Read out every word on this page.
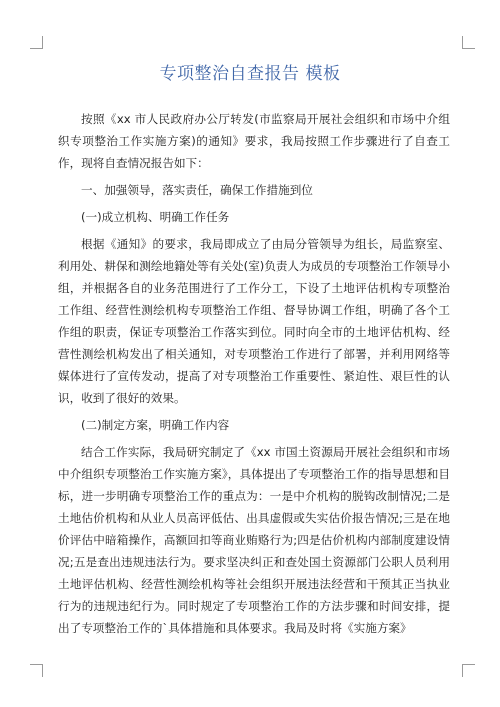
专项整治自查报告 模板

按照《xx 市人民政府办公厅转发(市监察局开展社会组织和市场中介组织专项整治工作实施方案)的通知》要求，我局按照工作步骤进行了自查工作，现将自查情况报告如下：

一、加强领导，落实责任，确保工作措施到位

(一)成立机构、明确工作任务

根据《通知》的要求，我局即成立了由局分管领导为组长，局监察室、利用处、耕保和测绘地籍处等有关处(室)负责人为成员的专项整治工作领导小组，并根据各自的业务范围进行了工作分工，下设了土地评估机构专项整治工作组、经营性测绘机构专项整治工作组、督导协调工作组，明确了各个工作组的职责，保证专项整治工作落实到位。同时向全市的土地评估机构、经营性测绘机构发出了相关通知，对专项整治工作进行了部署，并利用网络等媒体进行了宣传发动，提高了对专项整治工作重要性、紧迫性、艰巨性的认识，收到了很好的效果。

(二)制定方案，明确工作内容

结合工作实际，我局研究制定了《xx 市国土资源局开展社会组织和市场中介组织专项整治工作实施方案》，具体提出了专项整治工作的指导思想和目标，进一步明确专项整治工作的重点为：一是中介机构的脱钩改制情况;二是土地估价机构和从业人员高评低估、出具虚假或失实估价报告情况;三是在地价评估中暗箱操作，高额回扣等商业贿赂行为;四是估价机构内部制度建设情况;五是查出违规违法行为。要求坚决纠正和查处国土资源部门公职人员利用土地评估机构、经营性测绘机构等社会组织开展违法经营和干预其正当执业行为的违规违纪行为。同时规定了专项整治工作的方法步骤和时间安排，提出了专项整治工作的`具体措施和具体要求。我局及时将《实施方案》
